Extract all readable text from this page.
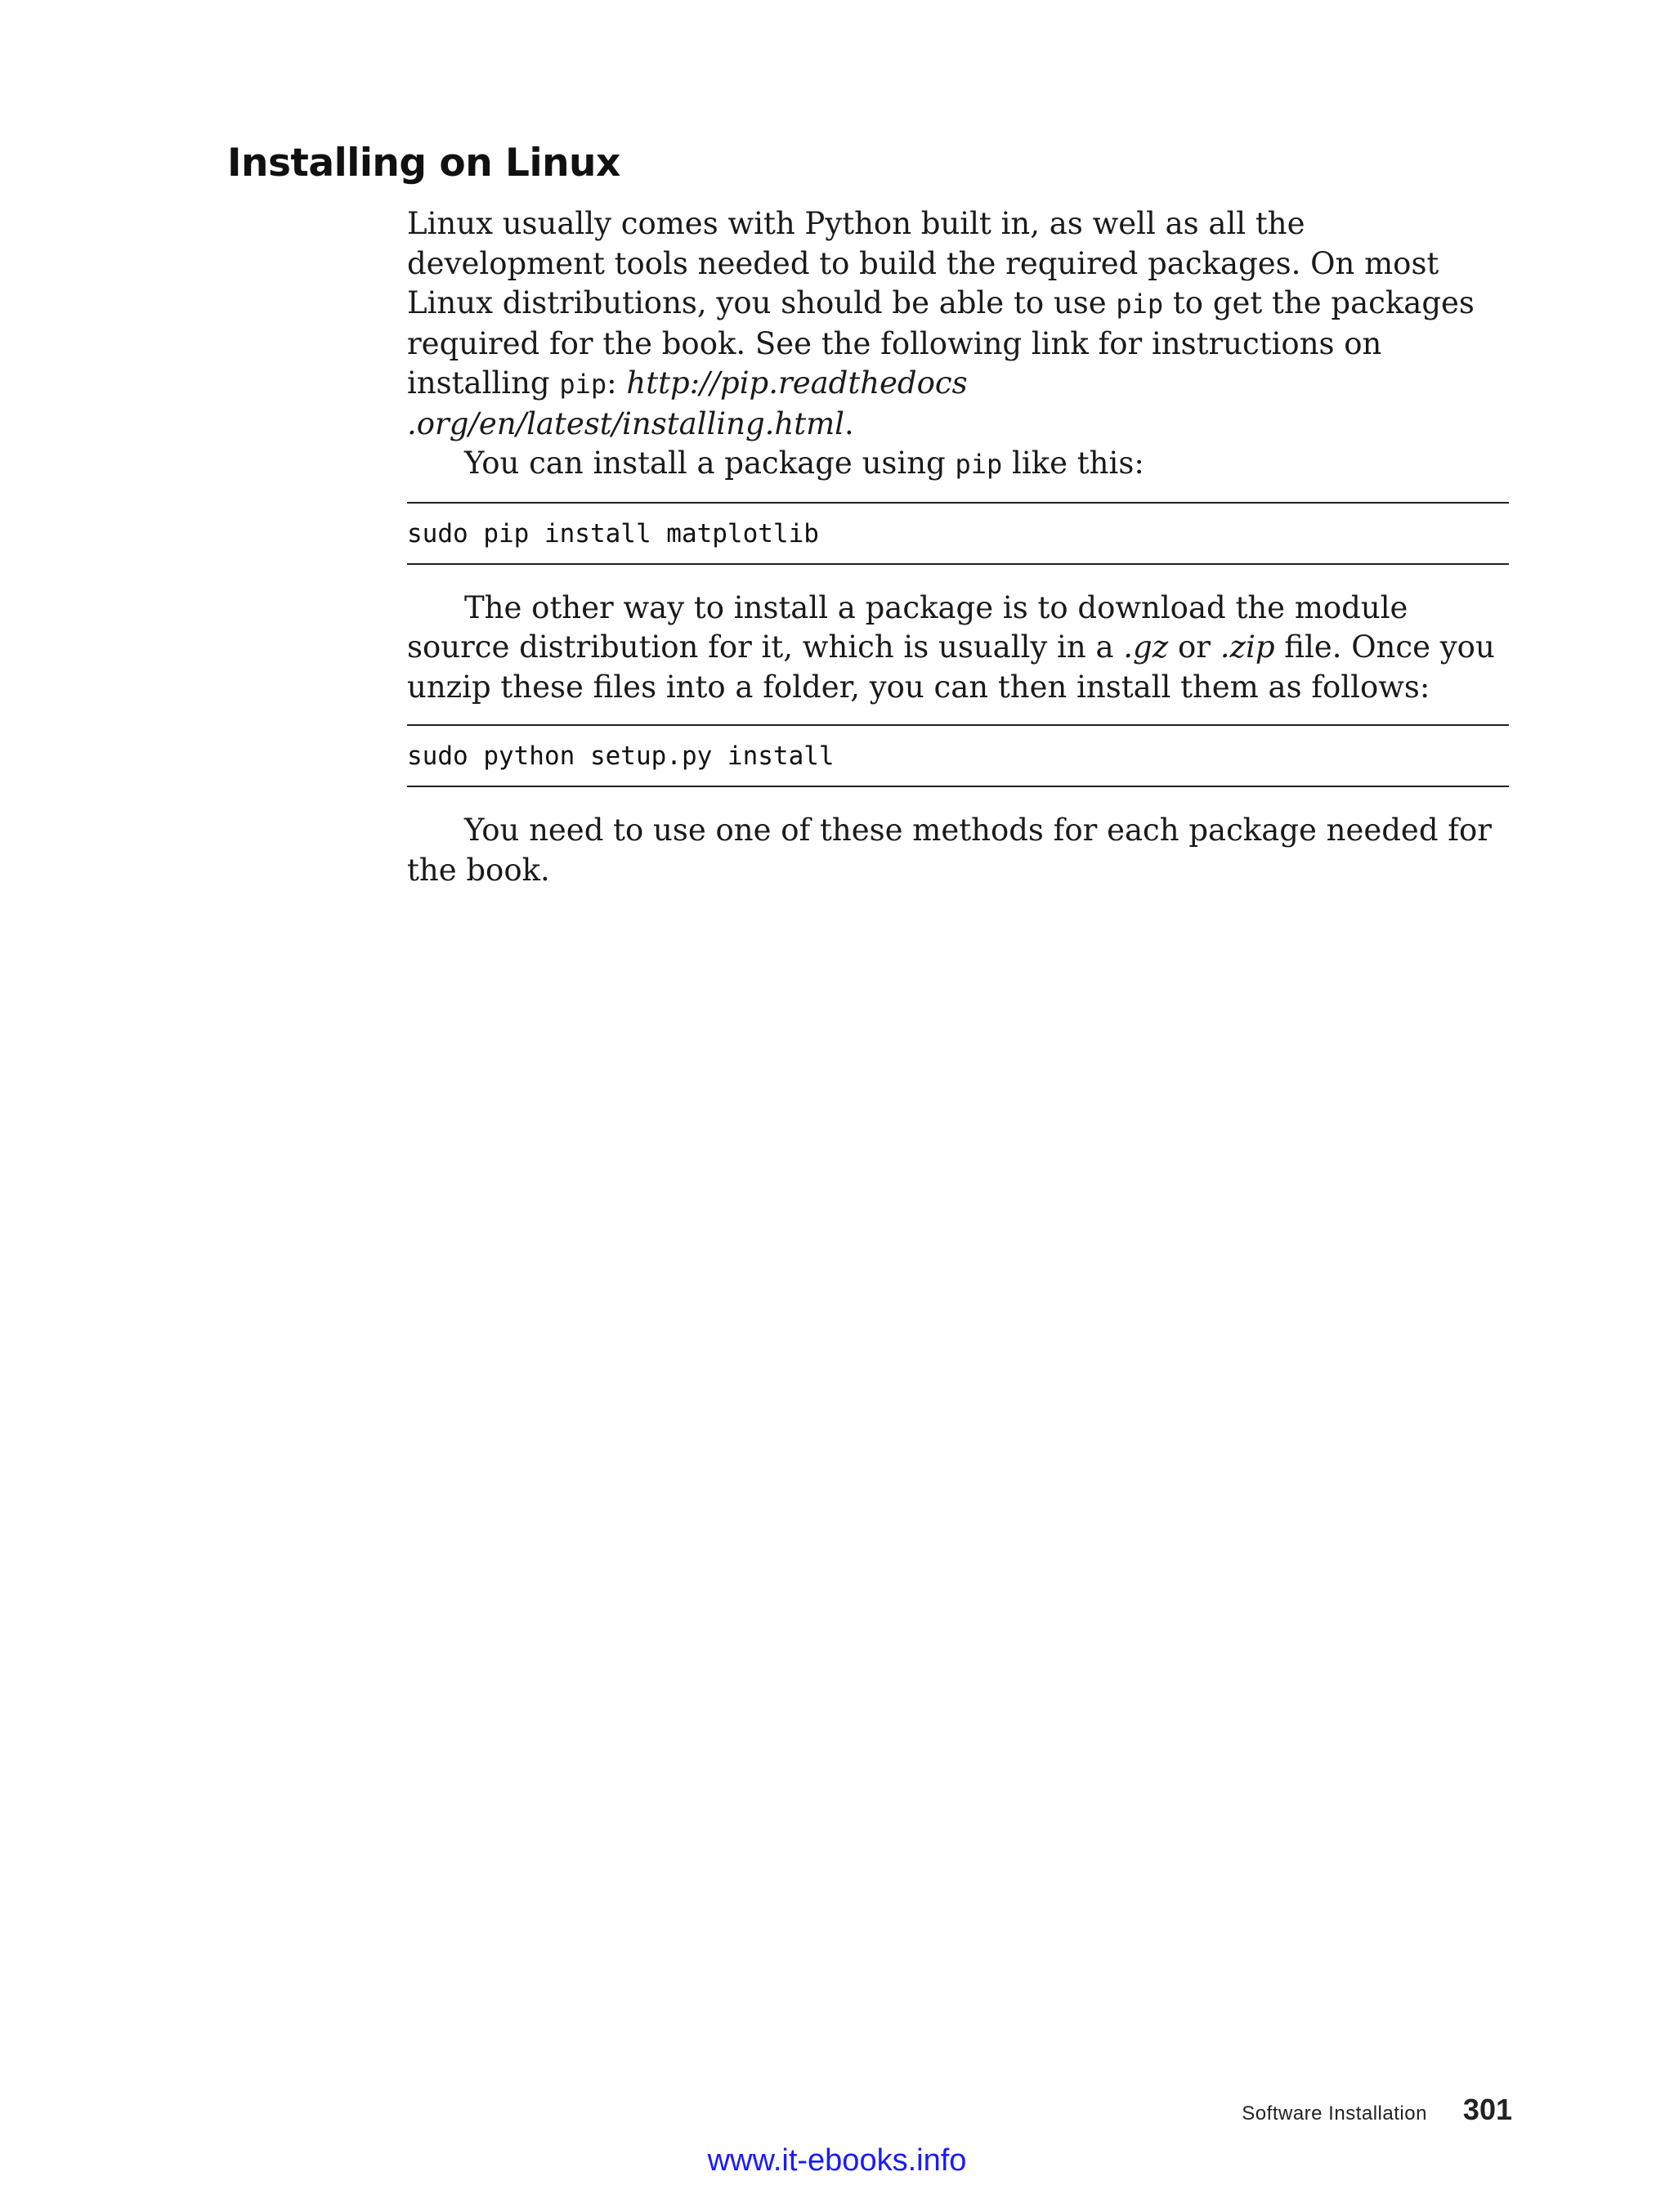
Installing on Linux

Linux usually comes with Python built in, as well as all the development tools needed to build the required packages. On most Linux distributions, you should be able to use pip to get the packages required for the book. See the following link for instructions on installing pip: http://pip.readthedocs
.org/en/latest/installing.html.

You can install a package using pip like this:

sudo pip install matplotlib

The other way to install a package is to download the module source distribution for it, which is usually in a .gz or .zip file. Once you unzip these files into a folder, you can then install them as follows:

sudo python setup.py install

You need to use one of these methods for each package needed for the book.

Software Installation 301
www.it-ebooks.info
